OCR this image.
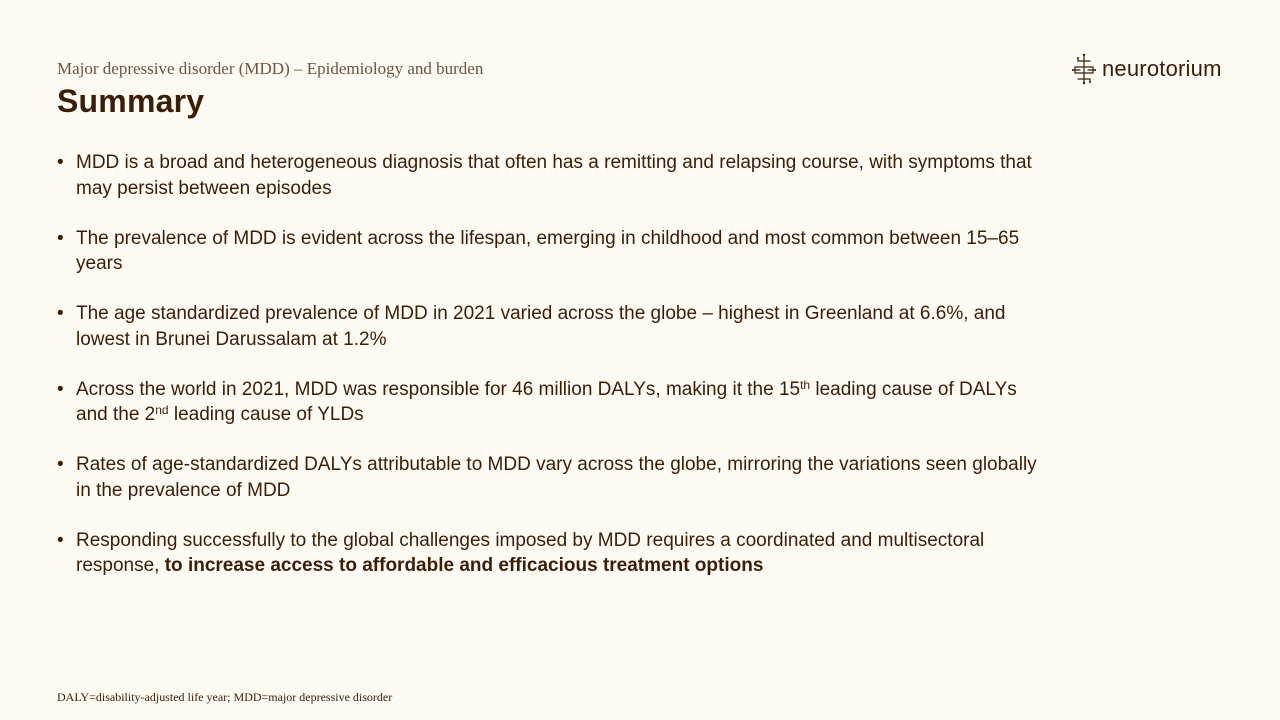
Major depressive disorder (MDD) – Epidemiology and burden
Summary
neurotorium
• MDD is a broad and heterogeneous diagnosis that often has a remitting and relapsing course, with symptoms that may persist between episodes
• The prevalence of MDD is evident across the lifespan, emerging in childhood and most common between 15–65 years
• The age standardized prevalence of MDD in 2021 varied across the globe – highest in Greenland at 6.6%, and lowest in Brunei Darussalam at 1.2%
• Across the world in 2021, MDD was responsible for 46 million DALYs, making it the 15th leading cause of DALYs and the 2nd leading cause of YLDs
• Rates of age-standardized DALYs attributable to MDD vary across the globe, mirroring the variations seen globally in the prevalence of MDD
• Responding successfully to the global challenges imposed by MDD requires a coordinated and multisectoral response, to increase access to affordable and efficacious treatment options
DALY=disability-adjusted life year; MDD=major depressive disorder
